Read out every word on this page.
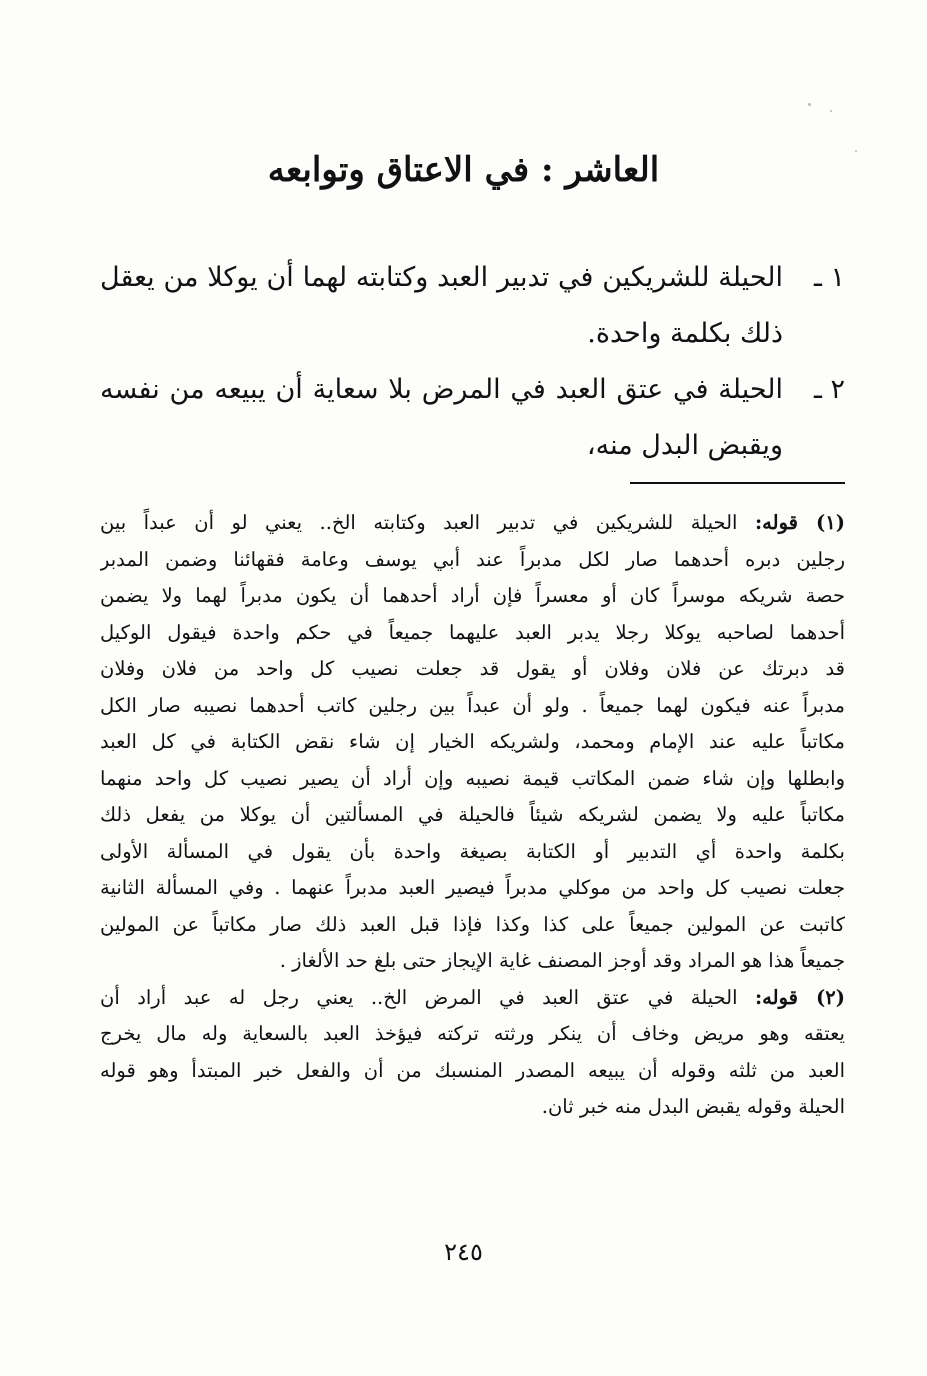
العاشر : في الاعتاق وتوابعه
١ ـ
الحيلة للشريكين في تدبير العبد وكتابته لهما أن يوكلا من يعقل
ذلك بكلمة واحدة.
٢ ـ
الحيلة في عتق العبد في المرض بلا سعاية أن يبيعه من نفسه
ويقبض البدل منه،
(١) قوله: الحيلة للشريكين في تدبير العبد وكتابته الخ.. يعني لو أن عبداً بين
رجلين دبره أحدهما صار لكل مدبراً عند أبي يوسف وعامة فقهائنا وضمن المدبر
حصة شريكه موسراً كان أو معسراً فإن أراد أحدهما أن يكون مدبراً لهما ولا يضمن
أحدهما لصاحبه يوكلا رجلا يدبر العبد عليهما جميعاً في حكم واحدة فيقول الوكيل
قد دبرتك عن فلان وفلان أو يقول قد جعلت نصيب كل واحد من فلان وفلان
مدبراً عنه فيكون لهما جميعاً . ولو أن عبداً بين رجلين كاتب أحدهما نصيبه صار الكل
مكاتباً عليه عند الإمام ومحمد، ولشريكه الخيار إن شاء نقض الكتابة في كل العبد
وابطلها وإن شاء ضمن المكاتب قيمة نصيبه وإن أراد أن يصير نصيب كل واحد منهما
مكاتباً عليه ولا يضمن لشريكه شيئاً فالحيلة في المسألتين أن يوكلا من يفعل ذلك
بكلمة واحدة أي التدبير أو الكتابة بصيغة واحدة بأن يقول في المسألة الأولى
جعلت نصيب كل واحد من موكلي مدبراً فيصير العبد مدبراً عنهما . وفي المسألة الثانية
كاتبت عن المولين جميعاً على كذا وكذا فإذا قبل العبد ذلك صار مكاتباً عن المولين
جميعاً هذا هو المراد وقد أوجز المصنف غاية الإيجاز حتى بلغ حد الألغاز .
(٢) قوله: الحيلة في عتق العبد في المرض الخ.. يعني رجل له عبد أراد أن
يعتقه وهو مريض وخاف أن ينكر ورثته تركته فيؤخذ العبد بالسعاية وله مال يخرج
العبد من ثلثه وقوله أن يبيعه المصدر المنسبك من أن والفعل خبر المبتدأ وهو قوله
الحيلة وقوله يقبض البدل منه خبر ثان.
٢٤٥
